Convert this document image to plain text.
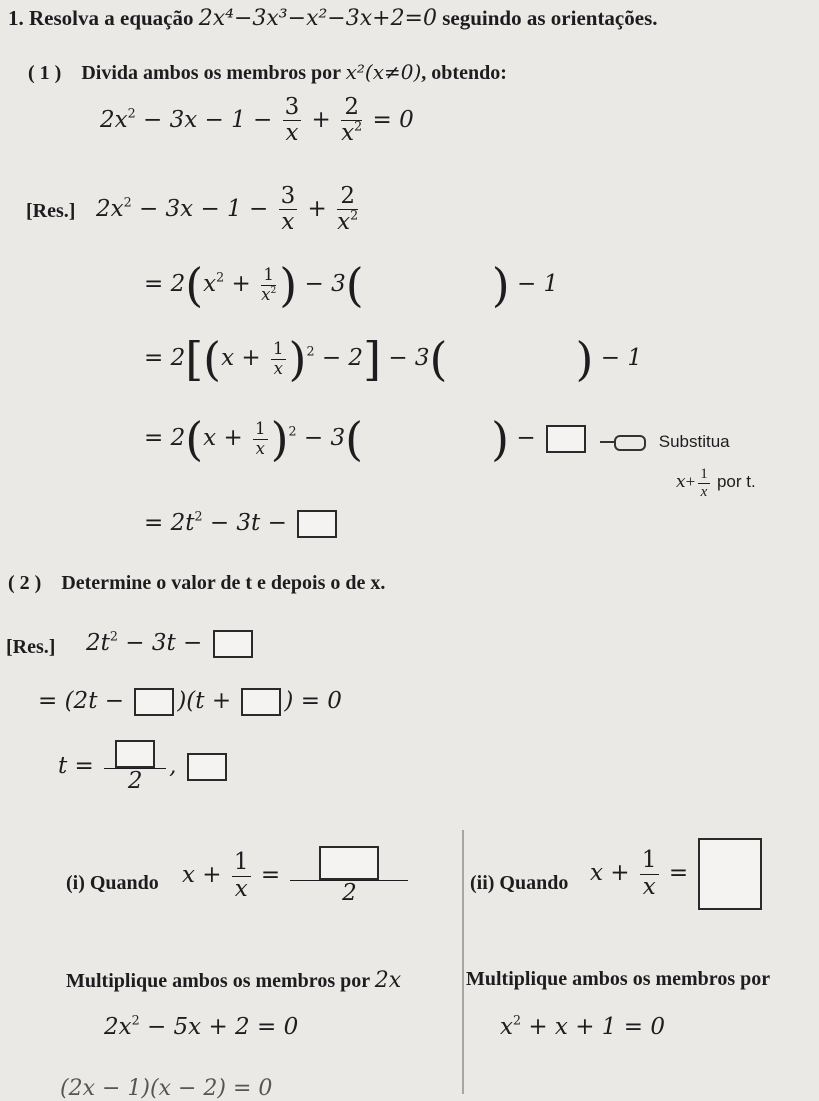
1. Resolva a equação 2x⁴−3x³−x²−3x+2=0 seguindo as orientações.
( 1 ) Divida ambos os membros por x²(x≠0), obtendo:
$2x^2 - 3x - 1 - \frac{3}{x} + \frac{2}{x^2} = 0$
[Res.] $2x^2 - 3x - 1 - \frac{3}{x} + \frac{2}{x^2}$
= $2(x^2 + \frac{1}{x^2}$ ) − 3(	) − 1
= $2[(x + \frac{1}{x} )^2 - 2] - 3$(	) − 1
= $2(x + \frac{1}{x} )^2 - 3$(	) −	Substitua
$x+ \frac{1}{x}$ por t.
= $2t^2 - 3t$ −
( 2 ) Determine o valor de t e depois o de x.
[Res.] $2t^2 - 3t$ −
= (2t − )(t + ) = 0
t =
2
,
(i) Quando $x + \frac{1}{x}$ =
2	(ii) Quando $x + \frac{1}{x}$ =
Multiplique ambos os membros por 2x	Multiplique ambos os membros por
$2x^2 - 5x + 2 = 0$	$x^2 + x + 1 = 0$
(2x − 1)(x − 2) = 0
